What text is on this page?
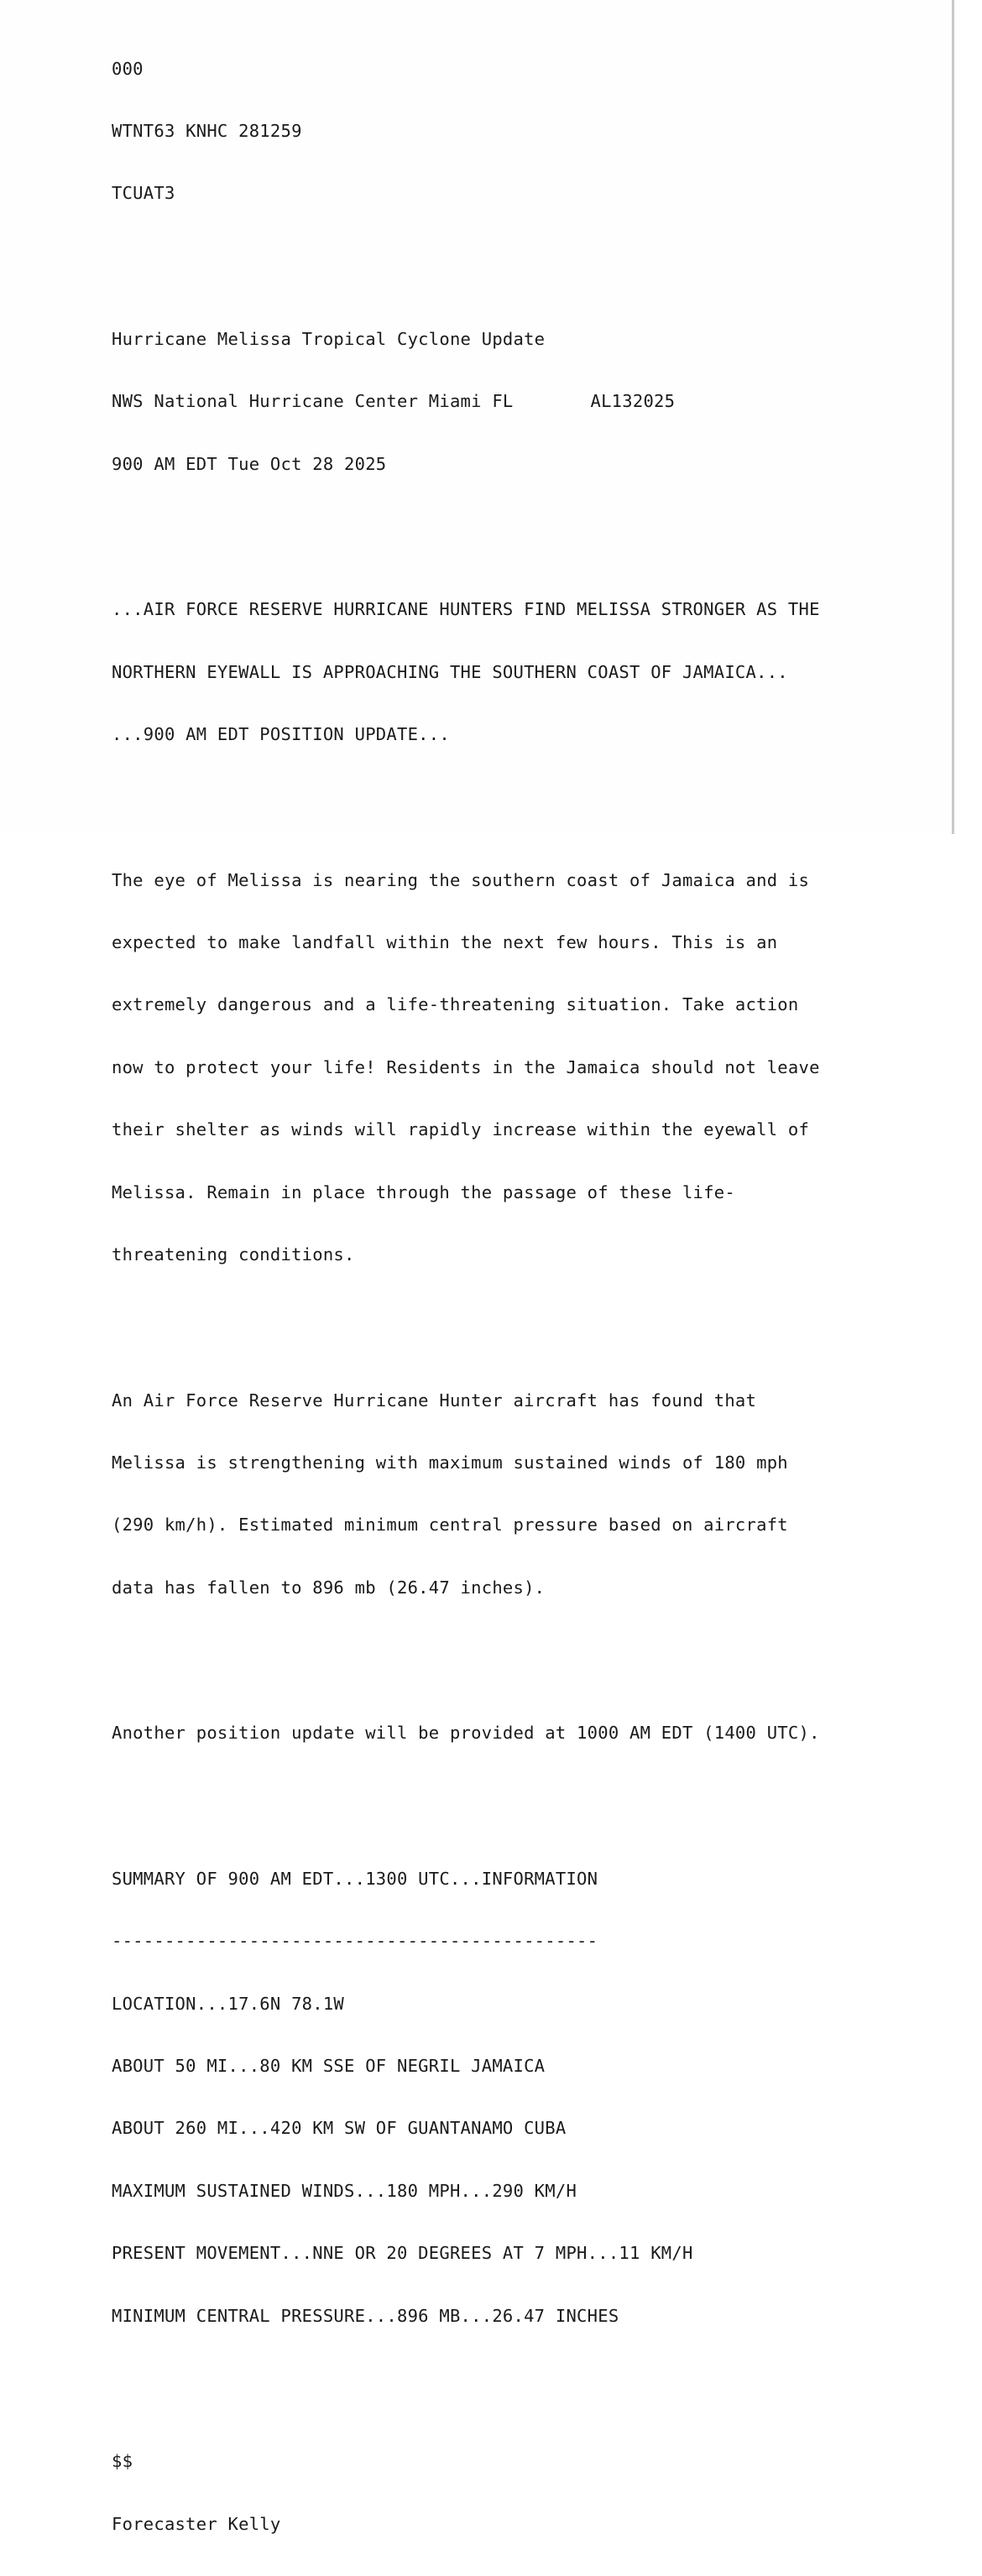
000

WTNT63 KNHC 281259

TCUAT3

Hurricane Melissa Tropical Cyclone Update

NWS National Hurricane Center Miami FL	AL132025

900 AM EDT Tue Oct 28 2025

...AIR FORCE RESERVE HURRICANE HUNTERS FIND MELISSA STRONGER AS THE

NORTHERN EYEWALL IS APPROACHING THE SOUTHERN COAST OF JAMAICA...

...900 AM EDT POSITION UPDATE...

The eye of Melissa is nearing the southern coast of Jamaica and is

expected to make landfall within the next few hours. This is an

extremely dangerous and a life-threatening situation. Take action

now to protect your life! Residents in the Jamaica should not leave

their shelter as winds will rapidly increase within the eyewall of

Melissa. Remain in place through the passage of these life-

threatening conditions.

An Air Force Reserve Hurricane Hunter aircraft has found that

Melissa is strengthening with maximum sustained winds of 180 mph

(290 km/h). Estimated minimum central pressure based on aircraft

data has fallen to 896 mb (26.47 inches).

Another position update will be provided at 1000 AM EDT (1400 UTC).

SUMMARY OF 900 AM EDT...1300 UTC...INFORMATION

----------------------------------------------

LOCATION...17.6N 78.1W

ABOUT 50 MI...80 KM SSE OF NEGRIL JAMAICA

ABOUT 260 MI...420 KM SW OF GUANTANAMO CUBA

MAXIMUM SUSTAINED WINDS...180 MPH...290 KM/H

PRESENT MOVEMENT...NNE OR 20 DEGREES AT 7 MPH...11 KM/H

MINIMUM CENTRAL PRESSURE...896 MB...26.47 INCHES

$$

Forecaster Kelly
